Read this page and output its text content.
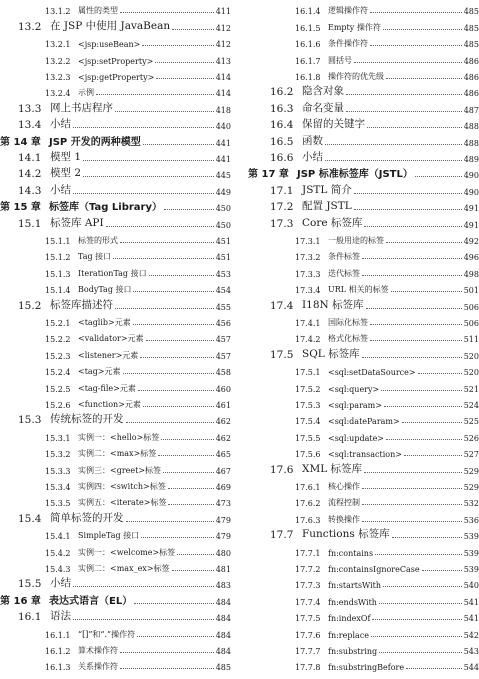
13.1.2 属性的类型	411
13.2 在 JSP 中使用 JavaBean	412
13.2.1 <jsp:useBean>	412
13.2.2 <jsp:setProperty>	413
13.2.3 <jsp:getProperty>	414
13.2.4 示例	414
13.3 网上书店程序	418
13.4 小结	440
第 14 章 JSP 开发的两种模型	441
14.1 模型 1	441
14.2 模型 2	445
14.3 小结	449
第 15 章 标签库（Tag Library）	450
15.1 标签库 API	450
15.1.1 标签的形式	451
15.1.2 Tag 接口	451
15.1.3 IterationTag 接口	453
15.1.4 BodyTag 接口	454
15.2 标签库描述符	455
15.2.1 <taglib>元素	456
15.2.2 <validator>元素	457
15.2.3 <listener>元素	457
15.2.4 <tag>元素	458
15.2.5 <tag-file>元素	460
15.2.6 <function>元素	461
15.3 传统标签的开发	462
15.3.1 实例一：<hello>标签	462
15.3.2 实例二：<max>标签	465
15.3.3 实例三：<greet>标签	467
15.3.4 实例四：<switch>标签	469
15.3.5 实例五：<iterate>标签	473
15.4 简单标签的开发	479
15.4.1 SimpleTag 接口	479
15.4.2 实例一：<welcome>标签	480
15.4.3 实例二：<max_ex>标签	481
15.5 小结	483
第 16 章 表达式语言（EL）	484
16.1 语法	484
16.1.1 “[]”和“.”操作符	484
16.1.2 算术操作符	484
16.1.3 关系操作符	485
16.1.4 逻辑操作符	485
16.1.5 Empty 操作符	485
16.1.6 条件操作符	485
16.1.7 圆括号	486
16.1.8 操作符的优先级	486
16.2 隐含对象	486
16.3 命名变量	487
16.4 保留的关键字	488
16.5 函数	488
16.6 小结	489
第 17 章 JSP 标准标签库（JSTL）	490
17.1 JSTL 简介	490
17.2 配置 JSTL	491
17.3 Core 标签库	491
17.3.1 一般用途的标签	492
17.3.2 条件标签	496
17.3.3 迭代标签	498
17.3.4 URL 相关的标签	501
17.4 I18N 标签库	506
17.4.1 国际化标签	506
17.4.2 格式化标签	511
17.5 SQL 标签库	520
17.5.1 <sql:setDataSource>	520
17.5.2 <sql:query>	521
17.5.3 <sql:param>	524
17.5.4 <sql:dateParam>	525
17.5.5 <sql:update>	526
17.5.6 <sql:transaction>	527
17.6 XML 标签库	529
17.6.1 核心操作	529
17.6.2 流程控制	532
17.6.3 转换操作	536
17.7 Functions 标签库	539
17.7.1 fn:contains	539
17.7.2 fn:containsIgnoreCase	539
17.7.3 fn:startsWith	540
17.7.4 fn:endsWith	541
17.7.5 fn:indexOf	541
17.7.6 fn:replace	542
17.7.7 fn:substring	543
17.7.8 fn:substringBefore	544
